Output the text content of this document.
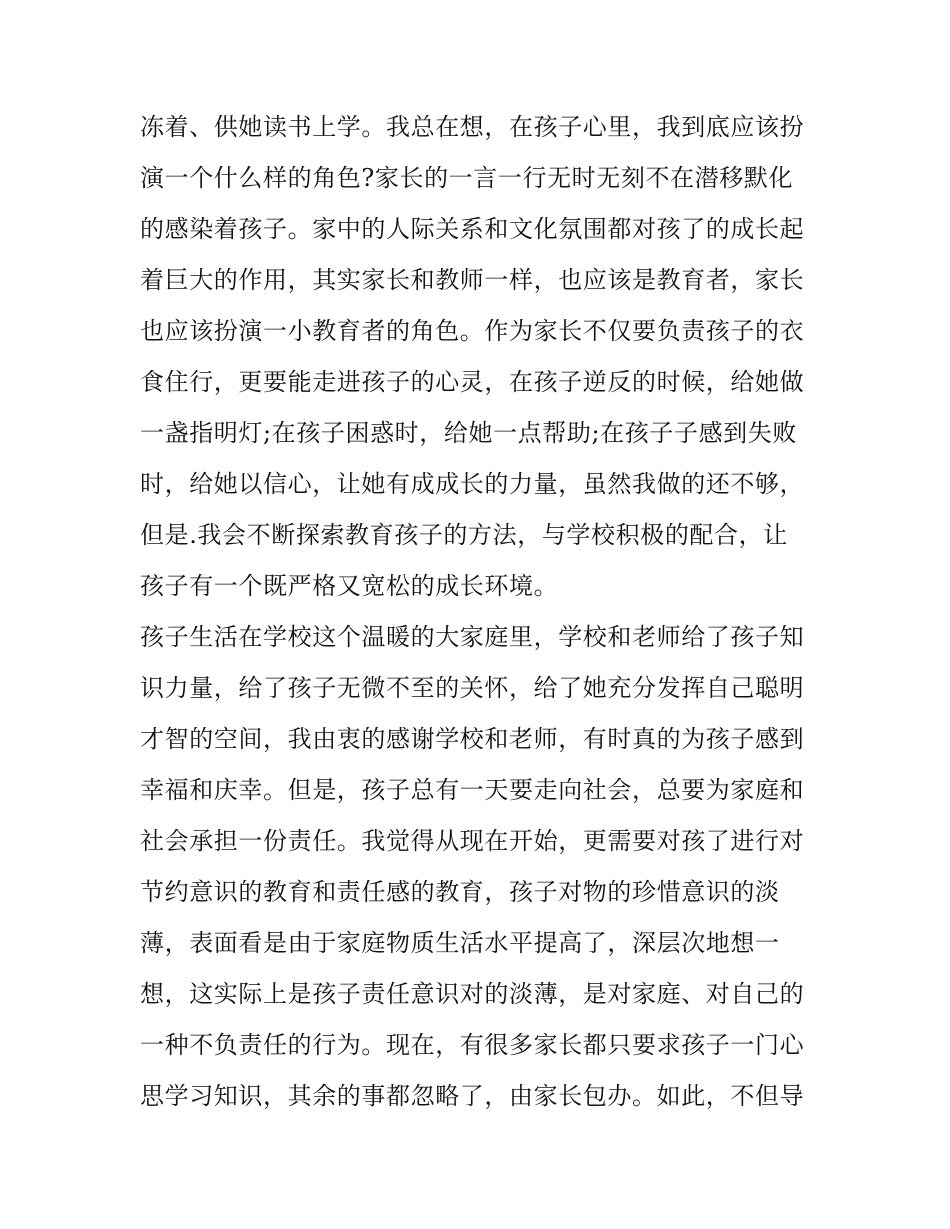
冻着、供她读书上学。我总在想，在孩子心里，我到底应该扮
演一个什么样的角色?家长的一言一行无时无刻不在潜移默化
的感染着孩子。家中的人际关系和文化氛围都对孩了的成长起
着巨大的作用，其实家长和教师一样，也应该是教育者，家长
也应该扮演一小教育者的角色。作为家长不仅要负责孩子的衣
食住行，更要能走进孩子的心灵，在孩子逆反的时候，给她做
一盏指明灯;在孩子困惑时，给她一点帮助;在孩子子感到失败
时，给她以信心，让她有成成长的力量，虽然我做的还不够，
但是.我会不断探索教育孩子的方法，与学校积极的配合，让
孩子有一个既严格又宽松的成长环境。
孩子生活在学校这个温暖的大家庭里，学校和老师给了孩子知
识力量，给了孩子无微不至的关怀，给了她充分发挥自己聪明
才智的空间，我由衷的感谢学校和老师，有时真的为孩子感到
幸福和庆幸。但是，孩子总有一天要走向社会，总要为家庭和
社会承担一份责任。我觉得从现在开始，更需要对孩了进行对
节约意识的教育和责任感的教育，孩子对物的珍惜意识的淡
薄，表面看是由于家庭物质生活水平提高了，深层次地想一
想，这实际上是孩子责任意识对的淡薄，是对家庭、对自己的
一种不负责任的行为。现在，有很多家长都只要求孩子一门心
思学习知识，其余的事都忽略了，由家长包办。如此，不但导
